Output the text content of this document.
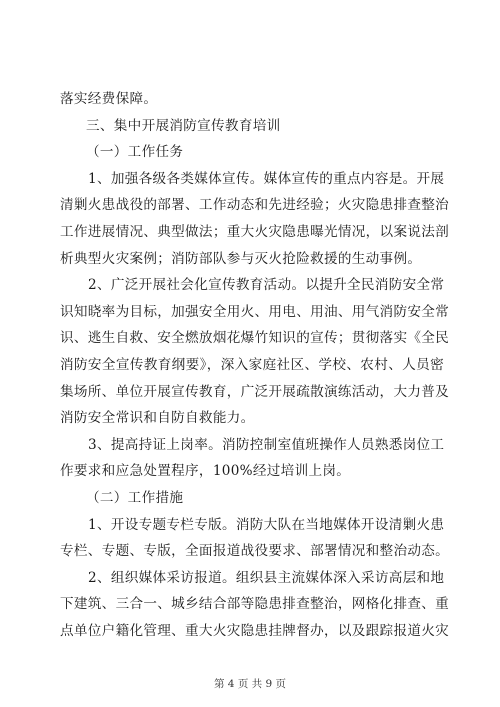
落实经费保障。
三、集中开展消防宣传教育培训
（一）工作任务
1、加强各级各类媒体宣传。媒体宣传的重点内容是。开展
清剿火患战役的部署、工作动态和先进经验；火灾隐患排查整治
工作进展情况、典型做法；重大火灾隐患曝光情况，以案说法剖
析典型火灾案例；消防部队参与灭火抢险救援的生动事例。
2、广泛开展社会化宣传教育活动。以提升全民消防安全常
识知晓率为目标，加强安全用火、用电、用油、用气消防安全常
识、逃生自救、安全燃放烟花爆竹知识的宣传；贯彻落实《全民
消防安全宣传教育纲要》，深入家庭社区、学校、农村、人员密
集场所、单位开展宣传教育，广泛开展疏散演练活动，大力普及
消防安全常识和自防自救能力。
3、提高持证上岗率。消防控制室值班操作人员熟悉岗位工
作要求和应急处置程序，100%经过培训上岗。
（二）工作措施
1、开设专题专栏专版。消防大队在当地媒体开设清剿火患
专栏、专题、专版，全面报道战役要求、部署情况和整治动态。
2、组织媒体采访报道。组织县主流媒体深入采访高层和地
下建筑、三合一、城乡结合部等隐患排查整治，网格化排查、重
点单位户籍化管理、重大火灾隐患挂牌督办，以及跟踪报道火灾
第 4 页 共 9 页
